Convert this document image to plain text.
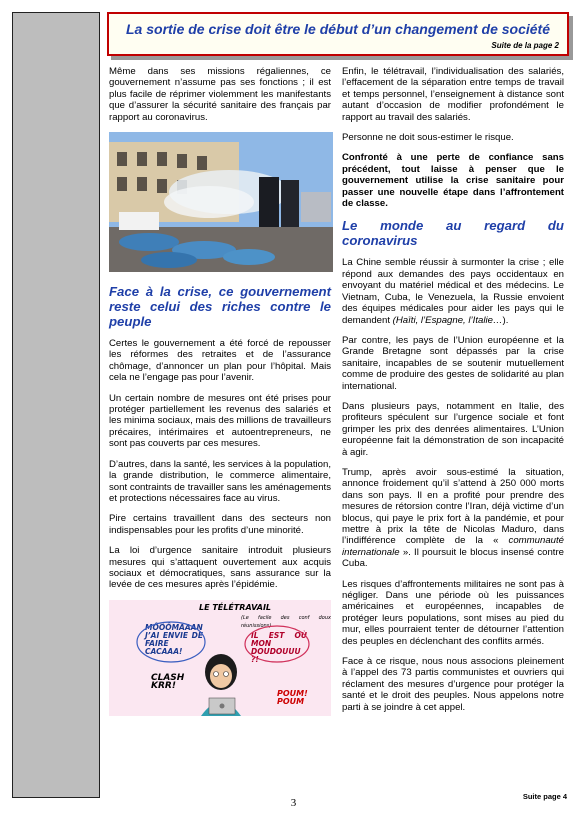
La sortie de crise doit être le début d’un changement de société
Suite de la page 2

Même dans ses missions régaliennes, ce gouvernement n’assume pas ses fonctions ; il est plus facile de réprimer violemment les manifestants que d’assurer la sécurité sanitaire des français par rapport au coronavirus.

Face à la crise, ce gouvernement reste celui des riches contre le peuple

Certes le gouvernement a été forcé de repousser les réformes des retraites et de l’assurance chômage, d’annoncer un plan pour l’hôpital. Mais cela ne l’engage pas pour l’avenir.

Un certain nombre de mesures ont été prises pour protéger partiellement les revenus des salariés et les minima sociaux, mais des millions de travailleurs précaires, intérimaires et autoentrepreneurs, ne sont pas couverts par ces mesures.

D’autres, dans la santé, les services à la population, la grande distribution, le commerce alimentaire, sont contraints de travailler sans les aménagements et protections nécessaires face au virus.

Pire certains travaillent dans des secteurs non indispensables pour les profits d’une minorité.

La loi d’urgence sanitaire introduit plusieurs mesures qui s’attaquent ouvertement aux acquis sociaux et démocratiques, sans assurance sur la levée de ces mesures après l’épidémie.

LE TÉLÉTRAVAIL
(Le facile des conf doux réunissions)
MÔÔÔMAAAN J’AI ENVIE DE FAIRE CACAAA!
IL EST OÙ MON DOUDOUUU ?!
CLASH KRR!
POUM! POUM

Enfin, le télétravail, l’individualisation des salariés, l’effacement de la séparation entre temps de travail et temps personnel, l’enseignement à distance sont autant d’occasion de modifier profondément le rapport au travail des salariés.

Personne ne doit sous-estimer le risque.

Confronté à une perte de confiance sans précédent, tout laisse à penser que le gouvernement utilise la crise sanitaire pour passer une nouvelle étape dans l’affrontement de classe.

Le monde au regard du coronavirus

La Chine semble réussir à surmonter la crise ; elle répond aux demandes des pays occidentaux en envoyant du matériel médical et des médecins. Le Vietnam, Cuba, le Venezuela, la Russie envoient des équipes médicales pour aider les pays qui le demandent (Haïti, l’Espagne, l’Italie…).

Par contre, les pays de l’Union européenne et la Grande Bretagne sont dépassés par la crise sanitaire, incapables de se soutenir mutuellement comme de produire des gestes de solidarité au plan international.

Dans plusieurs pays, notamment en Italie, des profiteurs spéculent sur l’urgence sociale et font grimper les prix des denrées alimentaires. L’Union européenne fait la démonstration de son incapacité à agir.

Trump, après avoir sous-estimé la situation, annonce froidement qu’il s’attend à 250 000 morts dans son pays. Il en a profité pour prendre des mesures de rétorsion contre l’Iran, déjà victime d’un blocus, qui paye le prix fort à la pandémie, et pour mettre à prix la tête de Nicolas Maduro, dans l’indifférence complète de la « communauté internationale ». Il poursuit le blocus insensé contre Cuba.

Les risques d’affrontements militaires ne sont pas à négliger. Dans une période où les puissances américaines et européennes, incapables de protéger leurs populations, sont mises au pied du mur, elles pourraient tenter de détourner l’attention des peuples en déclenchant des conflits armés.

Face à ce risque, nous nous associons pleinement à l’appel des 73 partis communistes et ouvriers qui réclament des mesures d’urgence pour protéger la santé et le droit des peuples. Nous appelons notre parti à se joindre à cet appel.

Suite page 4
3
